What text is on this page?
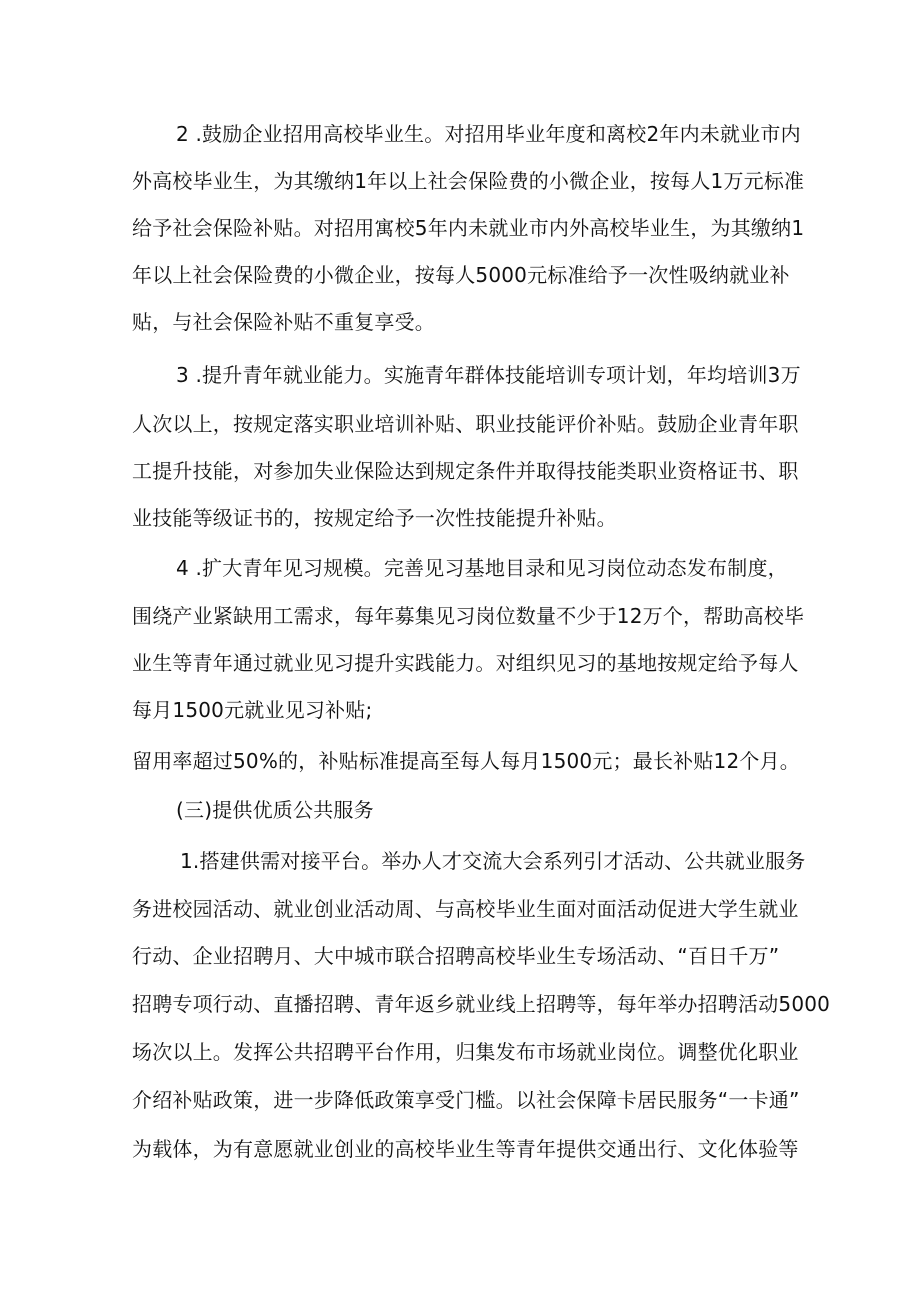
2 .鼓励企业招用高校毕业生。对招用毕业年度和离校2年内未就业市内
外高校毕业生，为其缴纳1年以上社会保险费的小微企业，按每人1万元标准
给予社会保险补贴。对招用寓校5年内未就业市内外高校毕业生，为其缴纳1
年以上社会保险费的小微企业，按每人5000元标准给予一次性吸纳就业补
贴，与社会保险补贴不重复享受。
3 .提升青年就业能力。实施青年群体技能培训专项计划，年均培训3万
人次以上，按规定落实职业培训补贴、职业技能评价补贴。鼓励企业青年职
工提升技能，对参加失业保险达到规定条件并取得技能类职业资格证书、职
业技能等级证书的，按规定给予一次性技能提升补贴。
4 .扩大青年见习规模。完善见习基地目录和见习岗位动态发布制度，
围绕产业紧缺用工需求，每年募集见习岗位数量不少于12万个，帮助高校毕
业生等青年通过就业见习提升实践能力。对组织见习的基地按规定给予每人
每月1500元就业见习补贴;
留用率超过50%的，补贴标准提高至每人每月1500元；最长补贴12个月。
(三)提供优质公共服务
1.搭建供需对接平台。举办人才交流大会系列引才活动、公共就业服务
务进校园活动、就业创业活动周、与高校毕业生面对面活动促进大学生就业
行动、企业招聘月、大中城市联合招聘高校毕业生专场活动、“百日千万”
招聘专项行动、直播招聘、青年返乡就业线上招聘等，每年举办招聘活动5000
场次以上。发挥公共招聘平台作用，归集发布市场就业岗位。调整优化职业
介绍补贴政策，进一步降低政策享受门槛。以社会保障卡居民服务“一卡通”
为载体，为有意愿就业创业的高校毕业生等青年提供交通出行、文化体验等
